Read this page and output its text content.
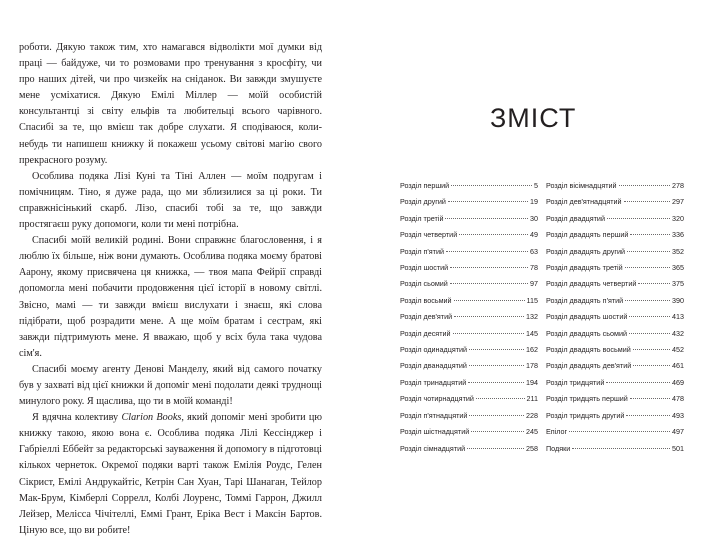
роботи. Дякую також тим, хто намагався відволікти мої думки від праці — байдуже, чи то розмовами про тренування з кросфіту, чи про наших дітей, чи про чизкейк на сніданок. Ви завжди змушуєте мене усміхатися. Дякую Емілі Міллер — моїй особистій консультантці зі світу ельфів та любительці всього чарівного. Спасибі за те, що вмієш так добре слухати. Я сподіваюся, коли-небудь ти напишеш книжку й покажеш усьому світові магію свого прекрасного розуму.

Особлива подяка Лізі Куні та Тіні Аллен — моїм подругам і помічницям. Тіно, я дуже рада, що ми зблизилися за ці роки. Ти справжнісінький скарб. Лізо, спасибі тобі за те, що завжди простягаєш руку допомоги, коли ти мені потрібна.

Спасибі моїй великій родині. Вони справжнє благословення, і я люблю їх більше, ніж вони думають. Особлива подяка моєму братові Аарону, якому присвячена ця книжка, — твоя мапа Фейрії справді допомогла мені побачити продовження цієї історії в новому світлі. Звісно, мамі — ти завжди вмієш вислухати і знаєш, які слова підібрати, щоб розрадити мене. А ще моїм братам і сестрам, які завжди підтримують мене. Я вважаю, щоб у всіх була така чудова сім'я.

Спасибі моєму агенту Денові Манделу, який від самого початку був у захваті від цієї книжки й допоміг мені подолати деякі труднощі минулого року. Я щаслива, що ти в моїй команді!

Я вдячна колективу Clarion Books, який допоміг мені зробити цю книжку такою, якою вона є. Особлива подяка Лілі Кессінджер і Габріеллі Еббейт за редакторські зауваження й допомогу в підготовці кількох чернеток. Окремої подяки варті також Емілія Роудс, Гелен Сікрист, Емілі Андрукайтіс, Кетрін Сан Хуан, Тарі Шанаган, Тейлор Мак-Брум, Кімберлі Соррелл, Колбі Лоуренс, Томмі Гаррон, Джилл Лейзер, Мелісса Чічітеллі, Еммі Грант, Еріка Вест і Максін Бартов. Ціную все, що ви робите!

ЗМІСТ
Розділ перший	5
Розділ другий	19
Розділ третій	30
Розділ четвертий	49
Розділ п'ятий	63
Розділ шостий	78
Розділ сьомий	97
Розділ восьмий	115
Розділ дев'ятий	132
Розділ десятий	145
Розділ одинадцятий	162
Розділ дванадцятий	178
Розділ тринадцятий	194
Розділ чотирнадцятий	211
Розділ п'ятнадцятий	228
Розділ шістнадцятий	245
Розділ сімнадцятий	258
Розділ вісімнадцятий	278
Розділ дев'ятнадцятий	297
Розділ двадцятий	320
Розділ двадцять перший	336
Розділ двадцять другий	352
Розділ двадцять третій	365
Розділ двадцять четвертий	375
Розділ двадцять п'ятий	390
Розділ двадцять шостий	413
Розділ двадцять сьомий	432
Розділ двадцять восьмий	452
Розділ двадцять дев'ятий	461
Розділ тридцятий	469
Розділ тридцять перший	478
Розділ тридцять другий	493
Епілог	497
Подяки	501
